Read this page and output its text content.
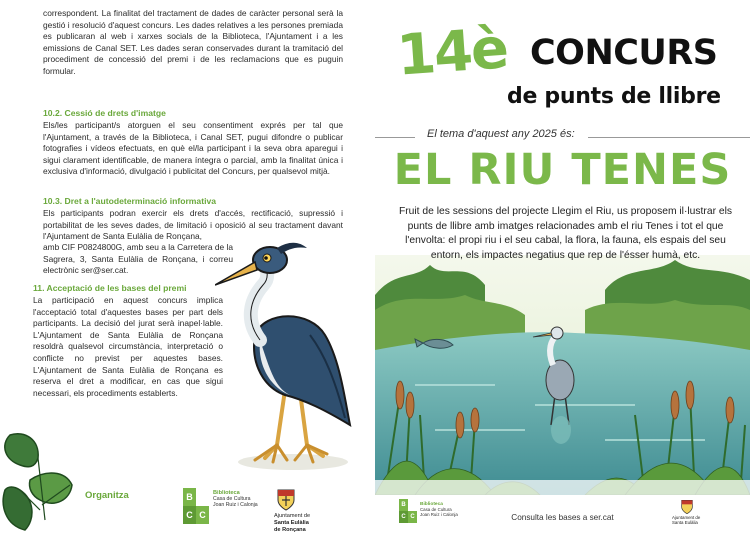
correspondent. La finalitat del tractament de dades de caràcter personal serà la gestió i resolució d'aquest concurs. Les dades relatives a les persones premiada es publicaran al web i xarxes socials de la Biblioteca, l'Ajuntament i a les emissions de Canal SET. Les dades seran conservades durant la tramitació del procediment de concessió del premi i de les reclamacions que es puguin formular.

10.2. Cessió de drets d'imatge

Els/les participant/s atorguen el seu consentiment exprés per tal que l'Ajuntament, a través de la Biblioteca, i Canal SET, pugui difondre o publicar fotografies i vídeos efectuats, en què el/la participant i la seva obra aparegui i sigui clarament identificable, de manera íntegra o parcial, amb la finalitat única i exclusiva d'informació, divulgació i publicitat del Concurs, per qualsevol mitjà.

10.3. Dret a l'autodeterminació informativa

Els participants podran exercir els drets d'accés, rectificació, supressió i portabilitat de les seves dades, de limitació i oposició al seu tractament davant l'Ajuntament de Santa Eulàlia de Ronçana,

amb CIF P0824800G, amb seu a la Carretera de la Sagrera, 3, Santa Eulàlia de Ronçana, i correu electrònic ser@ser.cat.

11. Acceptació de les bases del premi

La participació en aquest concurs implica l'acceptació total d'aquestes bases per part dels participants. La decisió del jurat serà inapel·lable. L'Ajuntament de Santa Eulàlia de Ronçana resoldrà qualsevol circumstància, interpretació o conflicte no previst per aquestes bases. L'Ajuntament de Santa Eulàlia de Ronçana es reserva el dret a modificar, en cas que sigui necessari, els procediments establerts.

Organitza	B
C C
Biblioteca
Casa de Cultura
Joan Ruiz i Calonja
Ajuntament de
Santa Eulàlia
de Ronçana
14è CONCURS
de punts de llibre
El tema d'aquest any 2025 és:
EL RIU TENES

Fruit de les sessions del projecte Llegim el Riu, us proposem il·lustrar els punts de llibre amb imatges relacionades amb el riu Tenes i tot el que l'envolta: el propi riu i el seu cabal, la flora, la fauna, els espais del seu entorn, els impactes negatius que rep de l'ésser humà, etc.

B
C C
Biblioteca
Casa de Cultura
Joan Ruiz i Calonja	Consulta les bases a ser.cat	Ajuntament de
Santa Eulàlia
